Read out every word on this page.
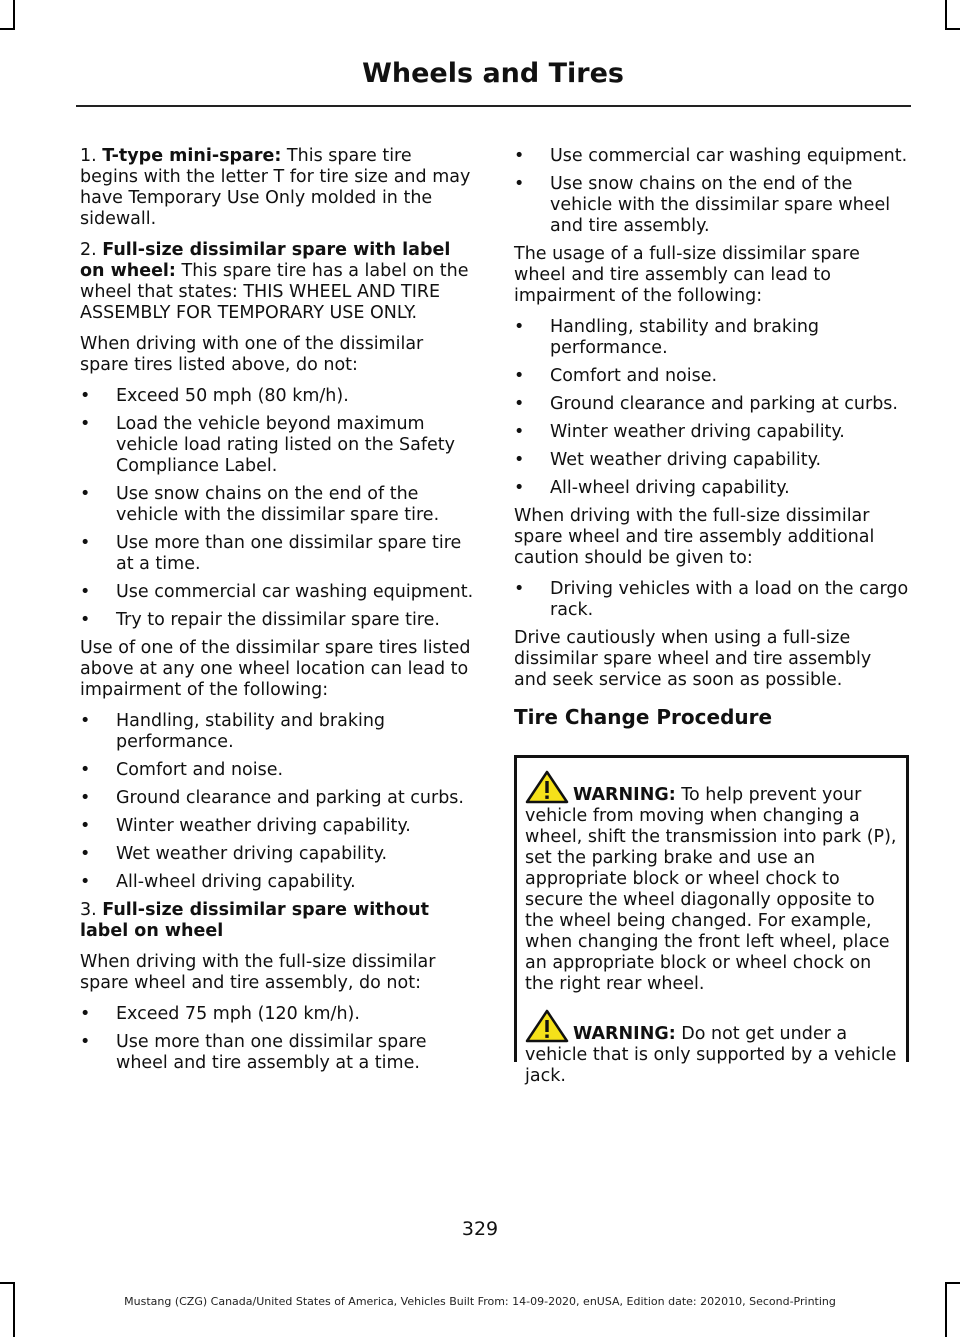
Wheels and Tires

1. T-type mini-spare: This spare tire begins with the letter T for tire size and may have Temporary Use Only molded in the sidewall.

2. Full-size dissimilar spare with label on wheel: This spare tire has a label on the wheel that states: THIS WHEEL AND TIRE ASSEMBLY FOR TEMPORARY USE ONLY.

When driving with one of the dissimilar spare tires listed above, do not:

• Exceed 50 mph (80 km/h).
• Load the vehicle beyond maximum vehicle load rating listed on the Safety Compliance Label.
• Use snow chains on the end of the vehicle with the dissimilar spare tire.
• Use more than one dissimilar spare tire at a time.
• Use commercial car washing equipment.
• Try to repair the dissimilar spare tire.

Use of one of the dissimilar spare tires listed above at any one wheel location can lead to impairment of the following:

• Handling, stability and braking performance.
• Comfort and noise.
• Ground clearance and parking at curbs.
• Winter weather driving capability.
• Wet weather driving capability.
• All-wheel driving capability.

3. Full-size dissimilar spare without label on wheel

When driving with the full-size dissimilar spare wheel and tire assembly, do not:

• Exceed 75 mph (120 km/h).
• Use more than one dissimilar spare wheel and tire assembly at a time.
• Use commercial car washing equipment.
• Use snow chains on the end of the vehicle with the dissimilar spare wheel and tire assembly.

The usage of a full-size dissimilar spare wheel and tire assembly can lead to impairment of the following:

• Handling, stability and braking performance.
• Comfort and noise.
• Ground clearance and parking at curbs.
• Winter weather driving capability.
• Wet weather driving capability.
• All-wheel driving capability.

When driving with the full-size dissimilar spare wheel and tire assembly additional caution should be given to:

• Driving vehicles with a load on the cargo rack.

Drive cautiously when using a full-size dissimilar spare wheel and tire assembly and seek service as soon as possible.

Tire Change Procedure

WARNING: To help prevent your vehicle from moving when changing a wheel, shift the transmission into park (P), set the parking brake and use an appropriate block or wheel chock to secure the wheel diagonally opposite to the wheel being changed. For example, when changing the front left wheel, place an appropriate block or wheel chock on the right rear wheel.

WARNING: Do not get under a vehicle that is only supported by a vehicle jack.

329
Mustang (CZG) Canada/United States of America, Vehicles Built From: 14-09-2020, enUSA, Edition date: 202010, Second-Printing
